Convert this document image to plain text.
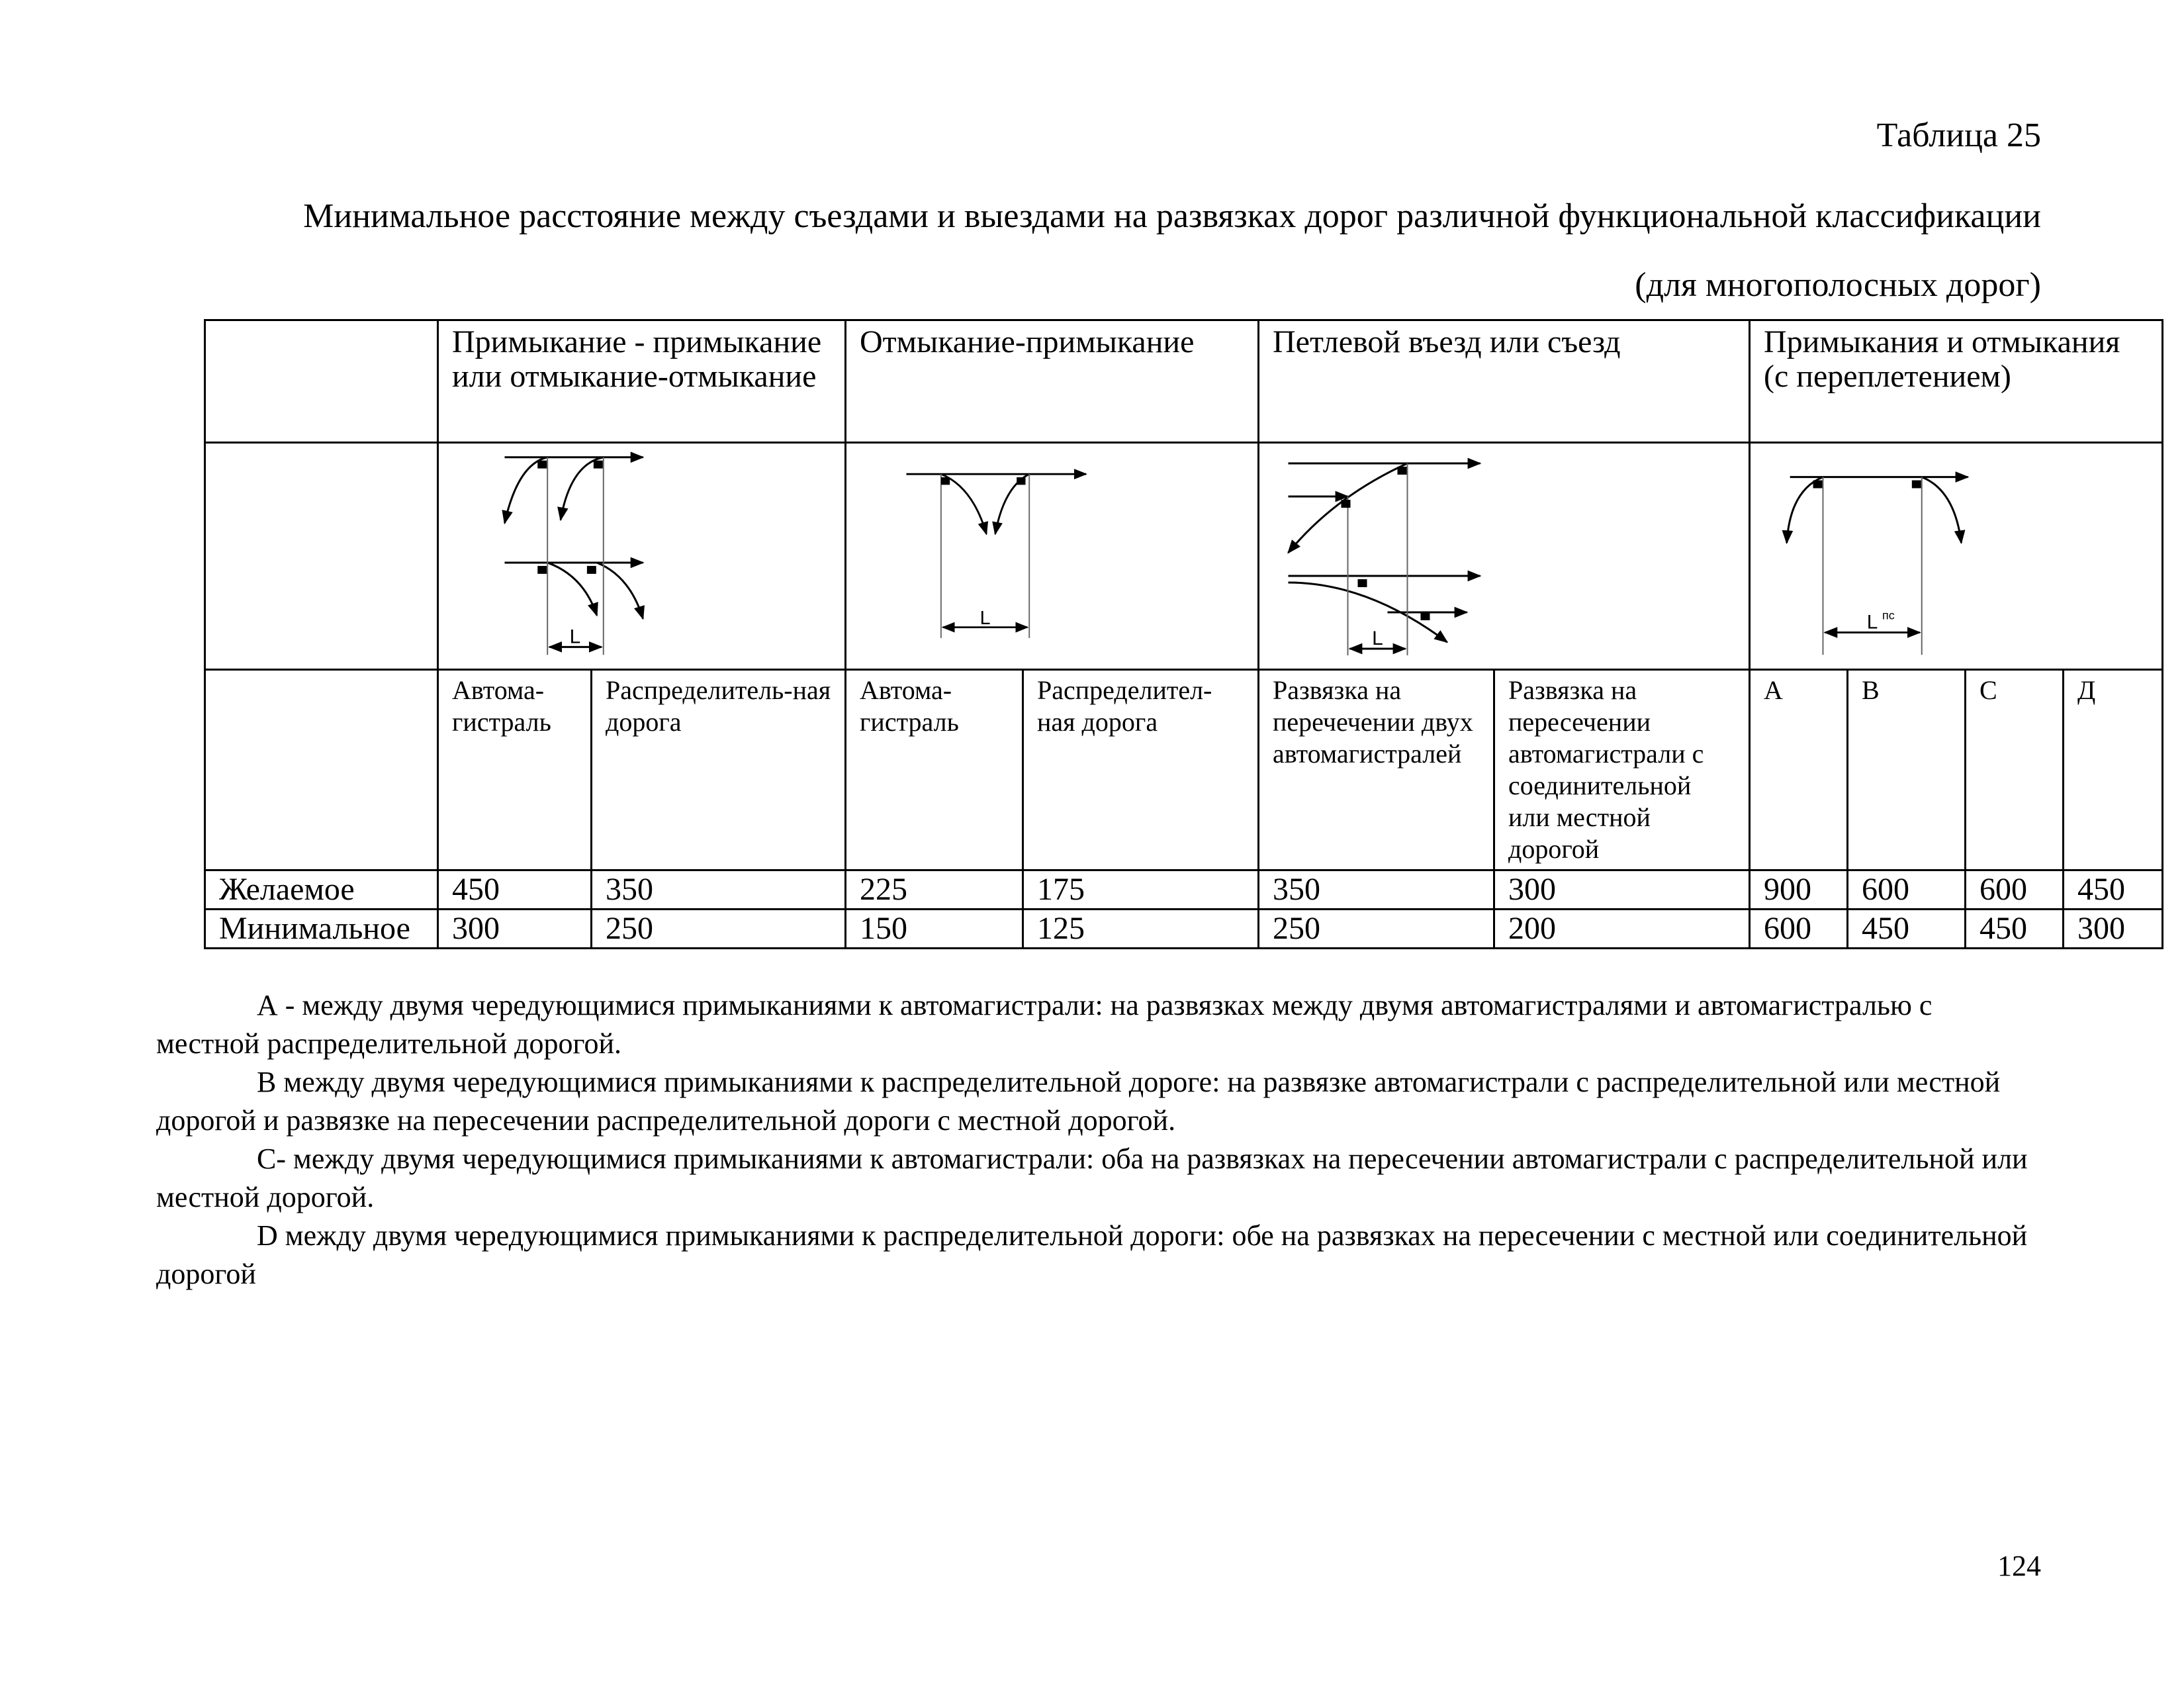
Таблица 25
Минимальное расстояние между съездами и выездами на развязках дорог различной функциональной классификации (для многополосных дорог)
	Примыкание - примыкание или отмыкание-отмыкание		Отмыкание-примыкание		Петлевой въезд или съезд		Примыкания и отмыкания (с переплетением)			

L		L		L		L пс			

	Автома-гистраль	Распределитель-ная дорога	Автома-гистраль	Распределител-ная дорога	Развязка на перечечении двух автомагистралей	Развязка на пересечении автомагистрали с соединительной или местной дорогой	А	В	С	Д
Желаемое	450	350	225	175	350	300	900	600	600	450
Минимальное	300	250	150	125	250	200	600	450	450	300

А - между двумя чередующимися примыканиями к автомагистрали: на развязках между двумя автомагистралями и автомагистралью с местной распределительной дорогой.

В между двумя чередующимися примыканиями к распределительной дороге: на развязке автомагистрали с распределительной или местной дорогой и развязке на пересечении распределительной дороги с местной дорогой.

С- между двумя чередующимися примыканиями к автомагистрали: оба на развязках на пересечении автомагистрали с распределительной или местной дорогой.

D между двумя чередующимися примыканиями к распределительной дороги: обе на развязках на пересечении с местной или соединительной дорогой

124
